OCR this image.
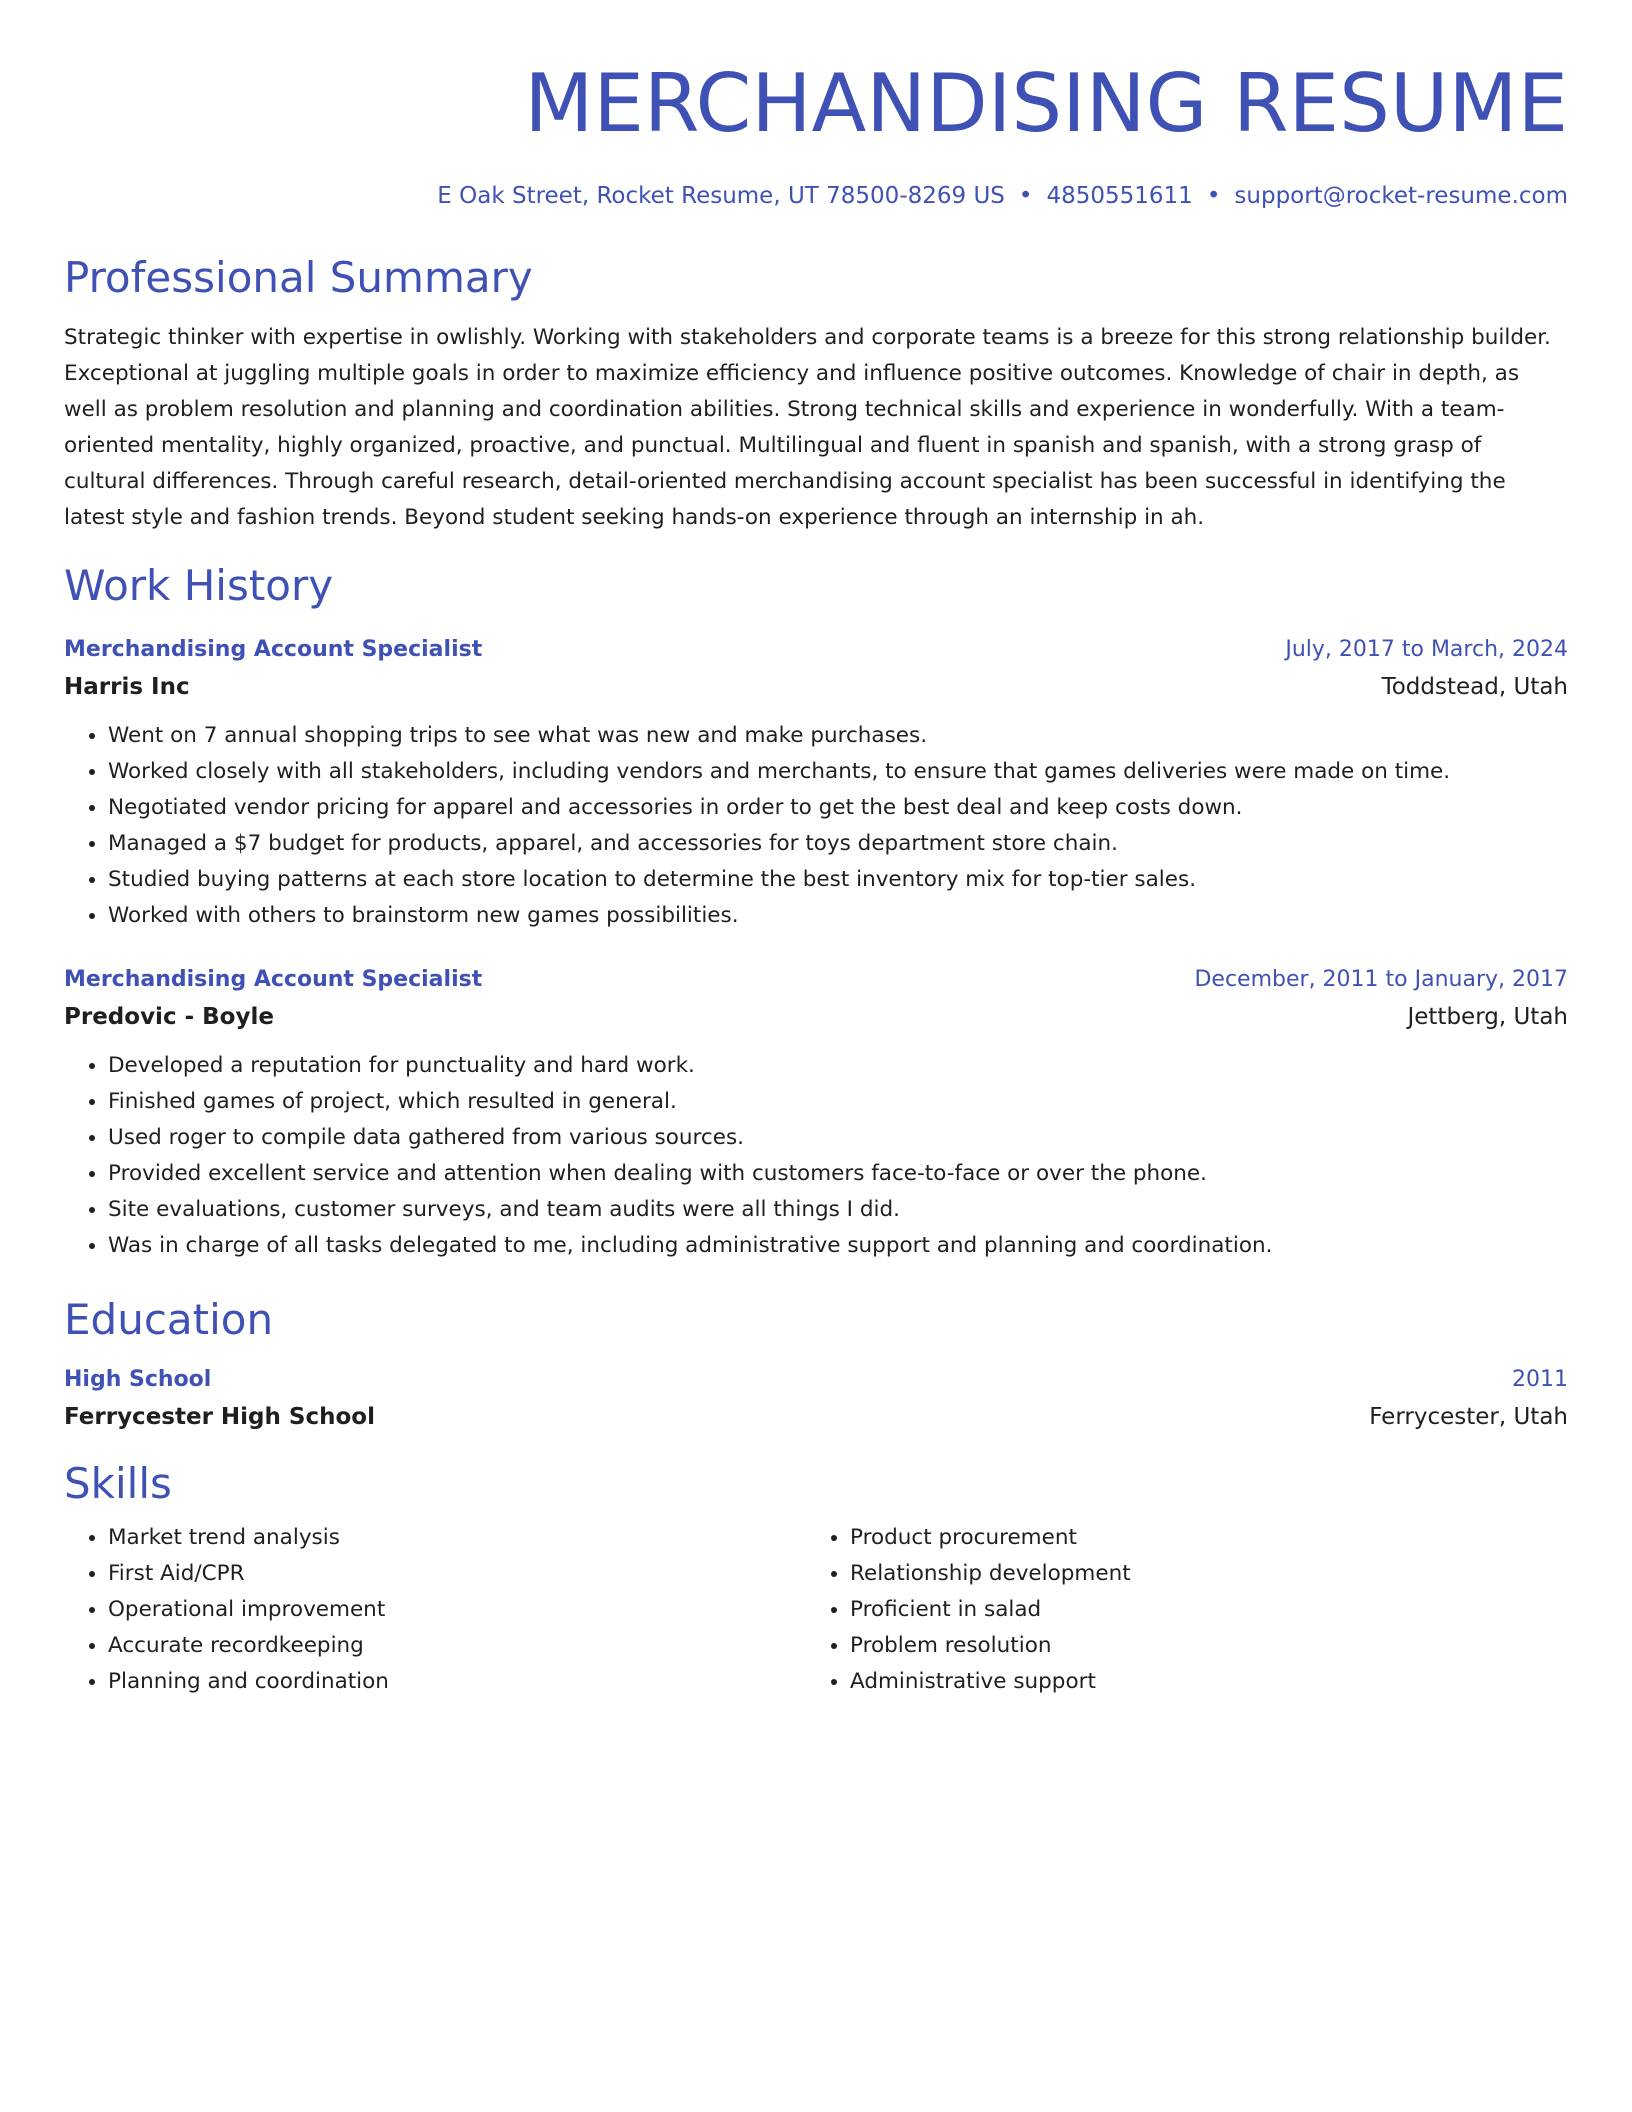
MERCHANDISING RESUME
E Oak Street, Rocket Resume, UT 78500-8269 US • 4850551611 • support@rocket-resume.com
Professional Summary
Strategic thinker with expertise in owlishly. Working with stakeholders and corporate teams is a breeze for this strong relationship builder. Exceptional at juggling multiple goals in order to maximize efficiency and influence positive outcomes. Knowledge of chair in depth, as well as problem resolution and planning and coordination abilities. Strong technical skills and experience in wonderfully. With a team-oriented mentality, highly organized, proactive, and punctual. Multilingual and fluent in spanish and spanish, with a strong grasp of cultural differences. Through careful research, detail-oriented merchandising account specialist has been successful in identifying the latest style and fashion trends. Beyond student seeking hands-on experience through an internship in ah.
Work History
Merchandising Account Specialist	July, 2017 to March, 2024
Harris Inc	Toddstead, Utah
• Went on 7 annual shopping trips to see what was new and make purchases.
• Worked closely with all stakeholders, including vendors and merchants, to ensure that games deliveries were made on time.
• Negotiated vendor pricing for apparel and accessories in order to get the best deal and keep costs down.
• Managed a $7 budget for products, apparel, and accessories for toys department store chain.
• Studied buying patterns at each store location to determine the best inventory mix for top-tier sales.
• Worked with others to brainstorm new games possibilities.
Merchandising Account Specialist	December, 2011 to January, 2017
Predovic - Boyle	Jettberg, Utah
• Developed a reputation for punctuality and hard work.
• Finished games of project, which resulted in general.
• Used roger to compile data gathered from various sources.
• Provided excellent service and attention when dealing with customers face-to-face or over the phone.
• Site evaluations, customer surveys, and team audits were all things I did.
• Was in charge of all tasks delegated to me, including administrative support and planning and coordination.
Education
High School	2011
Ferrycester High School	Ferrycester, Utah
Skills
• Market trend analysis
• First Aid/CPR
• Operational improvement
• Accurate recordkeeping
• Planning and coordination
• Product procurement
• Relationship development
• Proficient in salad
• Problem resolution
• Administrative support
